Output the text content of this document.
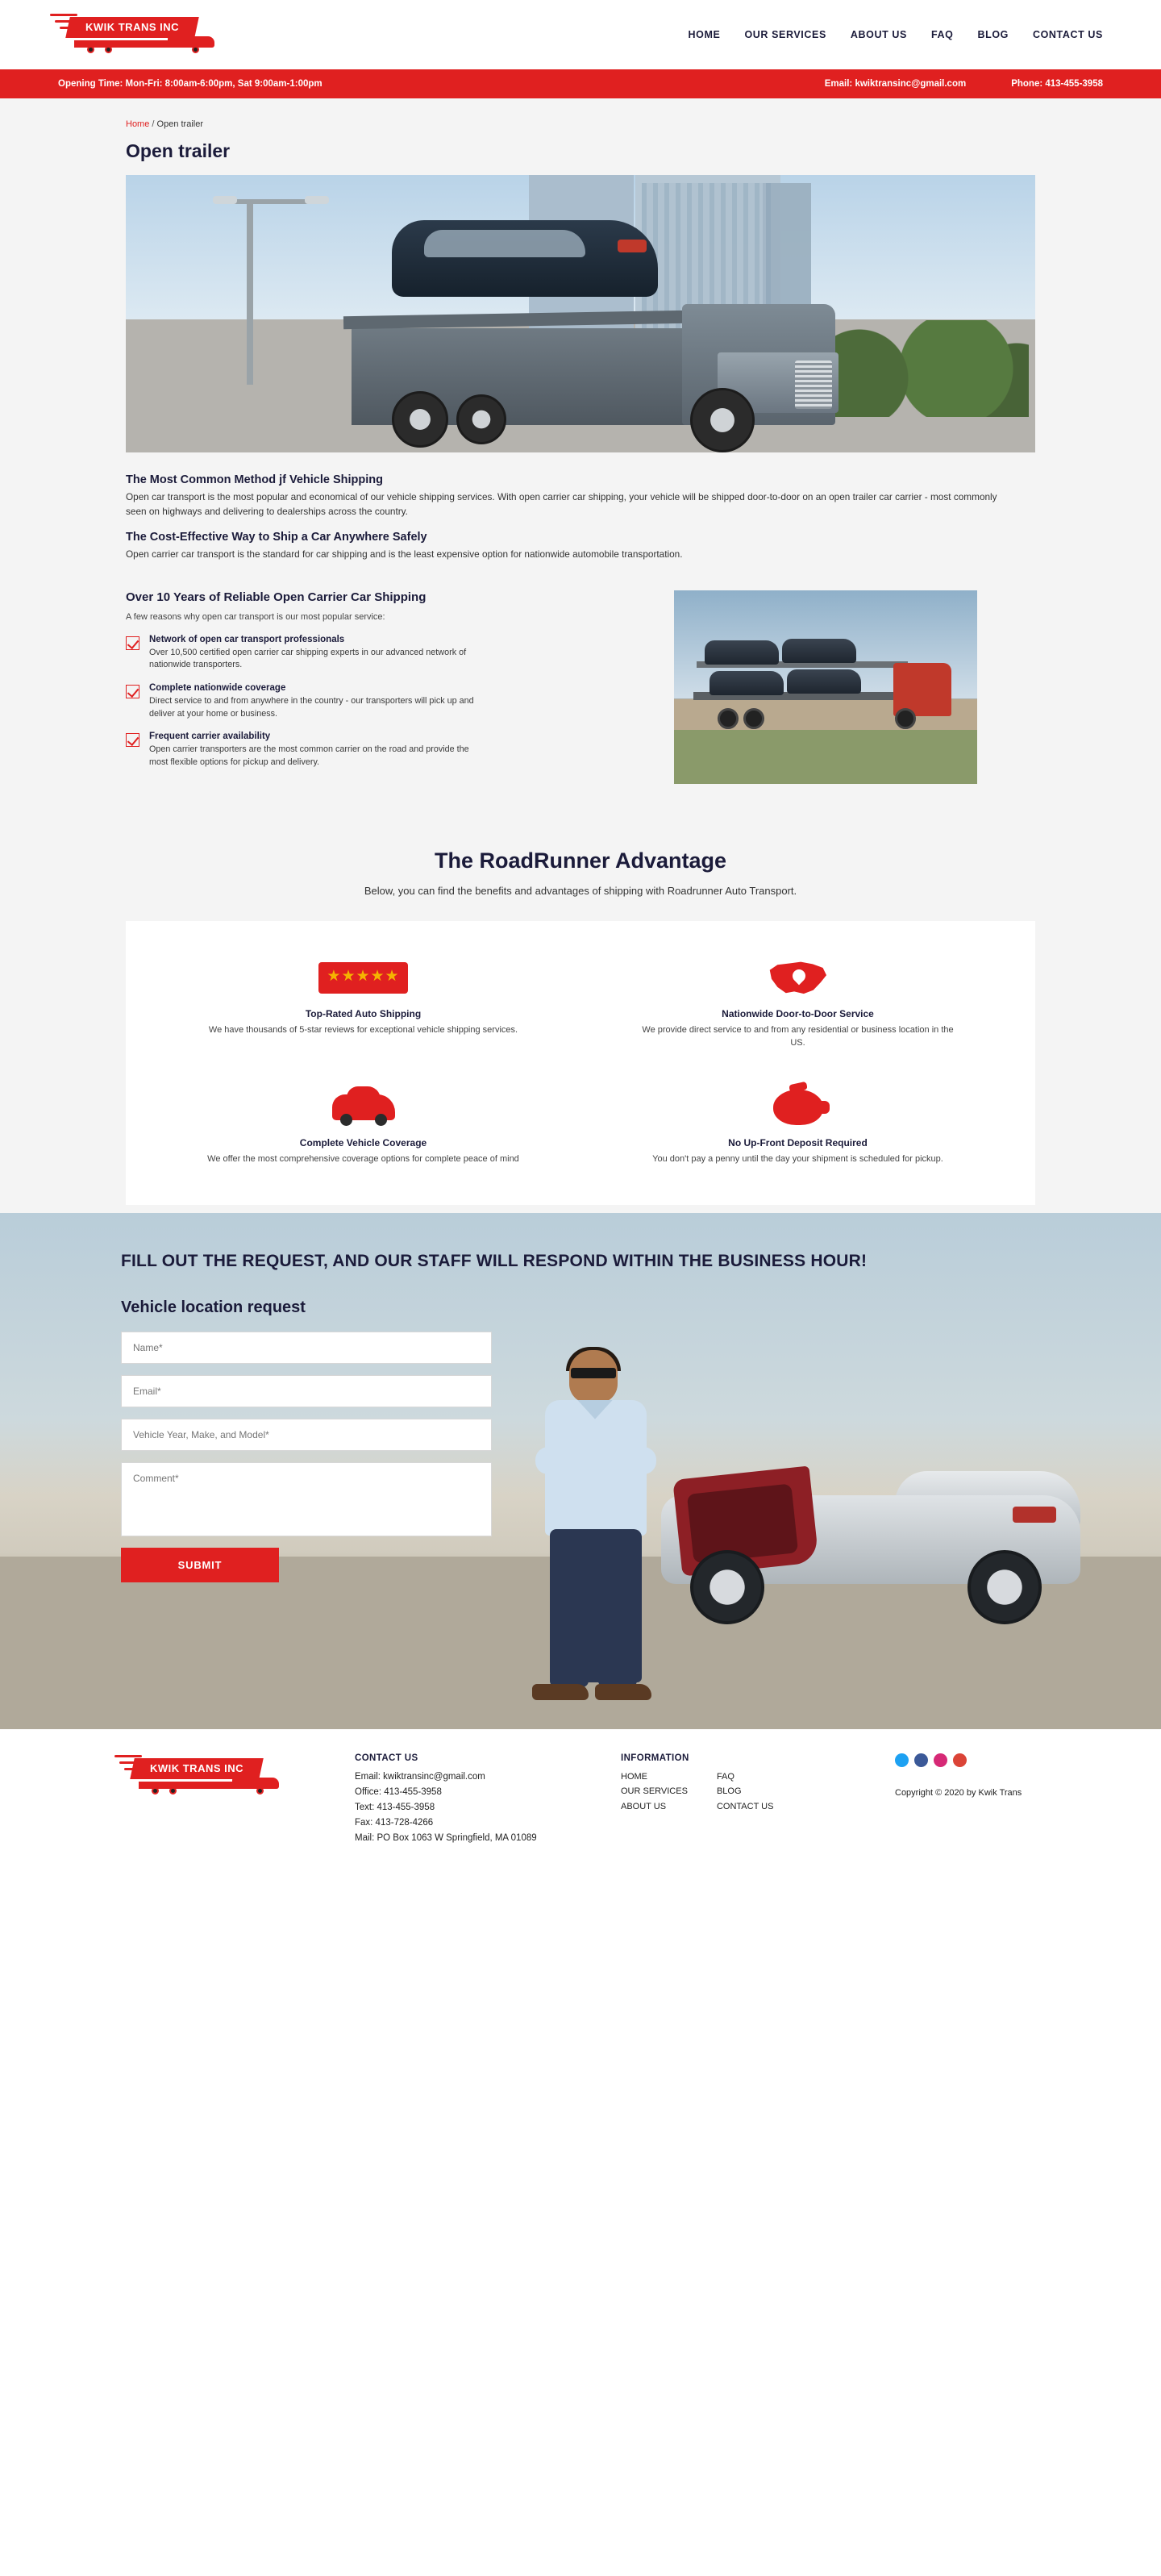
KWIK TRANS INC
HOME OUR SERVICES ABOUT US FAQ BLOG CONTACT US
Opening Time: Mon-Fri: 8:00am-6:00pm, Sat 9:00am-1:00pm	Email: kwiktransinc@gmail.com	Phone: 413-455-3958
Home / Open trailer
Open trailer
The Most Common Method jf Vehicle Shipping

Open car transport is the most popular and economical of our vehicle shipping services. With open carrier car shipping, your vehicle will be shipped door-to-door on an open trailer car carrier - most commonly seen on highways and delivering to dealerships across the country.

The Cost-Effective Way to Ship a Car Anywhere Safely

Open carrier car transport is the standard for car shipping and is the least expensive option for nationwide automobile transportation.

Over 10 Years of Reliable Open Carrier Car Shipping
A few reasons why open car transport is our most popular service:
Network of open car transport professionals
Over 10,500 certified open carrier car shipping experts in our advanced network of nationwide transporters.
Complete nationwide coverage
Direct service to and from anywhere in the country - our transporters will pick up and deliver at your home or business.
Frequent carrier availability
Open carrier transporters are the most common carrier on the road and provide the most flexible options for pickup and delivery.
The RoadRunner Advantage
Below, you can find the benefits and advantages of shipping with Roadrunner Auto Transport.
★★★★★
Top-Rated Auto Shipping

We have thousands of 5-star reviews for exceptional vehicle shipping services.

Nationwide Door-to-Door Service

We provide direct service to and from any residential or business location in the US.

Complete Vehicle Coverage

We offer the most comprehensive coverage options for complete peace of mind

No Up-Front Deposit Required

You don't pay a penny until the day your shipment is scheduled for pickup.

FILL OUT THE REQUEST, AND OUR STAFF WILL RESPOND WITHIN THE BUSINESS HOUR!
Vehicle location request
Name*
Email*
Vehicle Year, Make, and Model*
Comment* SUBMIT
KWIK TRANS INC
CONTACT US

Email: kwiktransinc@gmail.com

Office: 413-455-3958

Text: 413-455-3958

Fax: 413-728-4266

Mail: PO Box 1063 W Springfield, MA 01089

INFORMATION
HOME
OUR SERVICES
ABOUT US
FAQ
BLOG
CONTACT US
Copyright © 2020 by Kwik Trans
